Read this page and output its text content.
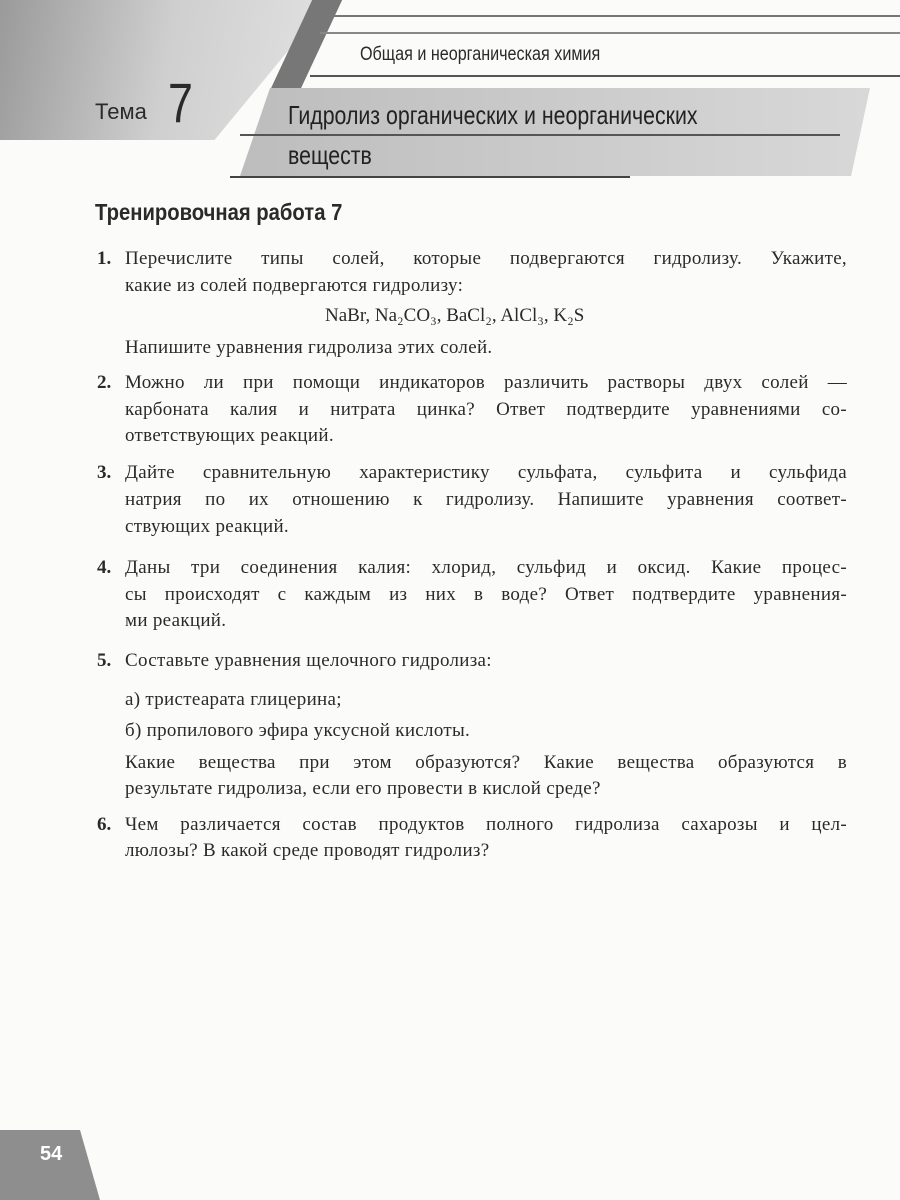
Общая и неорганическая химия
Тема 7	Гидролиз органических и неорганических
веществ
Тренировочная работа 7
1. Перечислите типы солей, которые подвергаются гидролизу. Укажите,
какие из солей подвергаются гидролизу:
NaBr, Na₂CO₃, BaCl₂, AlCl₃, K₂S
Напишите уравнения гидролиза этих солей.
2. Можно ли при помощи индикаторов различить растворы двух солей —
карбоната калия и нитрата цинка? Ответ подтвердите уравнениями со-
ответствующих реакций.
3. Дайте сравнительную характеристику сульфата, сульфита и сульфида
натрия по их отношению к гидролизу. Напишите уравнения соответ-
ствующих реакций.
4. Даны три соединения калия: хлорид, сульфид и оксид. Какие процес-
сы происходят с каждым из них в воде? Ответ подтвердите уравнения-
ми реакций.
5. Составьте уравнения щелочного гидролиза:
а) тристеарата глицерина;
б) пропилового эфира уксусной кислоты.
Какие вещества при этом образуются? Какие вещества образуются в
результате гидролиза, если его провести в кислой среде?
6. Чем различается состав продуктов полного гидролиза сахарозы и цел-
люлозы? В какой среде проводят гидролиз?
54
